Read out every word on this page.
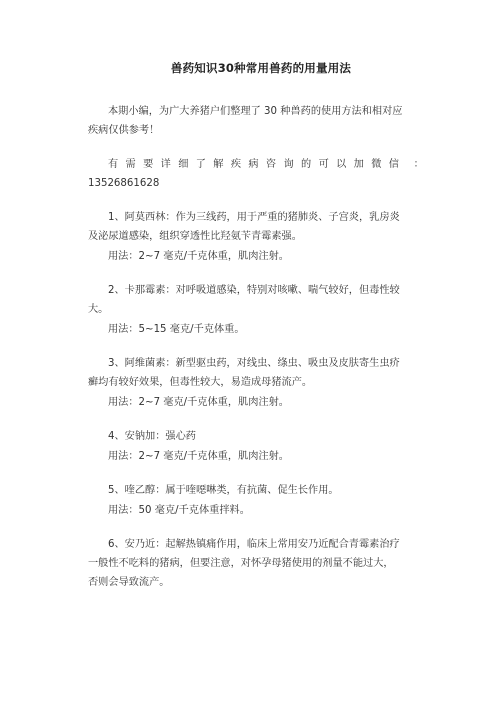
兽药知识30种常用兽药的用量用法

本期小编，为广大养猪户们整理了 30 种兽药的使用方法和相对应

疾病仅供参考！

有 需 要 详 细 了 解 疾 病 咨 询 的 可 以 加 微 信 ：

13526861628

1、阿莫西林：作为三线药，用于严重的猪肺炎、子宫炎，乳房炎

及泌尿道感染，组织穿透性比羟氨苄青霉素强。

用法：2~7 毫克/千克体重，肌肉注射。

2、卡那霉素：对呼吸道感染，特别对咳嗽、喘气较好，但毒性较

大。

用法：5~15 毫克/千克体重。

3、阿维菌素：新型驱虫药，对线虫、绦虫、吸虫及皮肤寄生虫疥

癣均有较好效果，但毒性较大，易造成母猪流产。

用法：2~7 毫克/千克体重，肌肉注射。

4、安钠加：强心药

用法：2~7 毫克/千克体重，肌肉注射。

5、喹乙醇：属于喹噁啉类，有抗菌、促生长作用。

用法：50 毫克/千克体重拌料。

6、安乃近：起解热镇痛作用，临床上常用安乃近配合青霉素治疗

一般性不吃料的猪病，但要注意，对怀孕母猪使用的剂量不能过大，

否则会导致流产。
